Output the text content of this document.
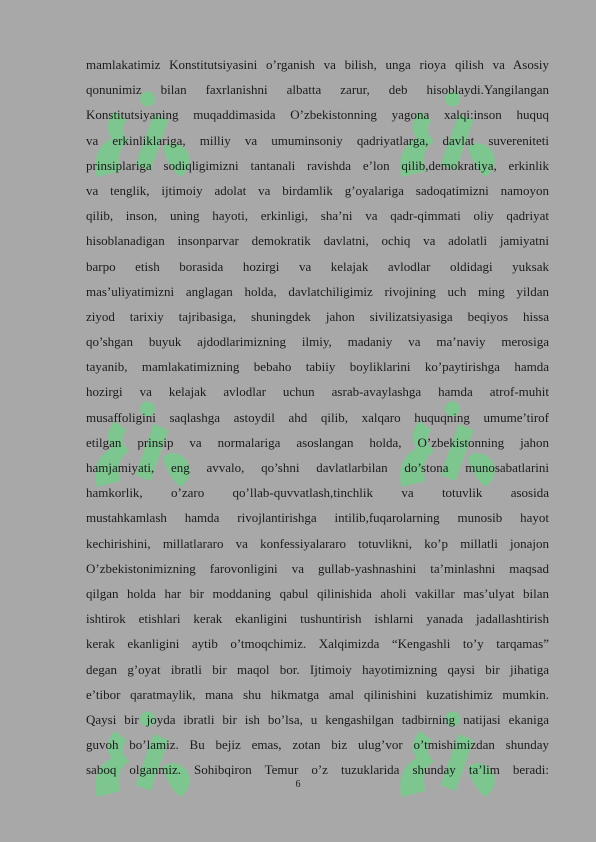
mamlakatimiz Konstitutsiyasini o’rganish va bilish, unga rioya qilish va Asosiy
qonunimiz bilan faxrlanishni albatta zarur, deb hisoblaydi.Yangilangan
Konstitutsiyaning muqaddimasida O’zbekistonning yagona xalqi:inson huquq
va erkinliklariga, milliy va umuminsoniy qadriyatlarga, davlat suvereniteti
prinsiplariga sodiqligimizni tantanali ravishda e’lon qilib,demokratiya, erkinlik
va tenglik, ijtimoiy adolat va birdamlik g’oyalariga sadoqatimizni namoyon
qilib, inson, uning hayoti, erkinligi, sha’ni va qadr-qimmati oliy qadriyat
hisoblanadigan insonparvar demokratik davlatni, ochiq va adolatli jamiyatni
barpo etish borasida hozirgi va kelajak avlodlar oldidagi yuksak
mas’uliyatimizni anglagan holda, davlatchiligimiz rivojining uch ming yildan
ziyod tarixiy tajribasiga, shuningdek jahon sivilizatsiyasiga beqiyos hissa
qo’shgan buyuk ajdodlarimizning ilmiy, madaniy va ma’naviy merosiga
tayanib, mamlakatimizning bebaho tabiiy boyliklarini ko’paytirishga hamda
hozirgi va kelajak avlodlar uchun asrab-avaylashga hamda atrof-muhit
musaffoligini saqlashga astoydil ahd qilib, xalqaro huquqning umume’tirof
etilgan prinsip va normalariga asoslangan holda, O’zbekistonning jahon
hamjamiyati, eng avvalo, qo’shni davlatlarbilan do’stona munosabatlarini
hamkorlik, o’zaro qo’llab-quvvatlash,tinchlik va totuvlik asosida
mustahkamlash hamda rivojlantirishga intilib,fuqarolarning munosib hayot
kechirishini, millatlararo va konfessiyalararo totuvlikni, ko’p millatli jonajon
O’zbekistonimizning farovonligini va gullab-yashnashini ta’minlashni maqsad
qilgan holda har bir moddaning qabul qilinishida aholi vakillar mas’ulyat bilan
ishtirok etishlari kerak ekanligini tushuntirish ishlarni yanada jadallashtirish
kerak ekanligini aytib o’tmoqchimiz. Xalqimizda “Kengashli to’y tarqamas”
degan g’oyat ibratli bir maqol bor. Ijtimoiy hayotimizning qaysi bir jihatiga
e’tibor qaratmaylik, mana shu hikmatga amal qilinishini kuzatishimiz mumkin.
Qaysi bir joyda ibratli bir ish bo’lsa, u kengashilgan tadbirning natijasi ekaniga
guvoh bo’lamiz. Bu bejiz emas, zotan biz ulug’vor o’tmishimizdan shunday
saboq olganmiz. Sohibqiron Temur o’z tuzuklarida shunday ta’lim beradi:
6
